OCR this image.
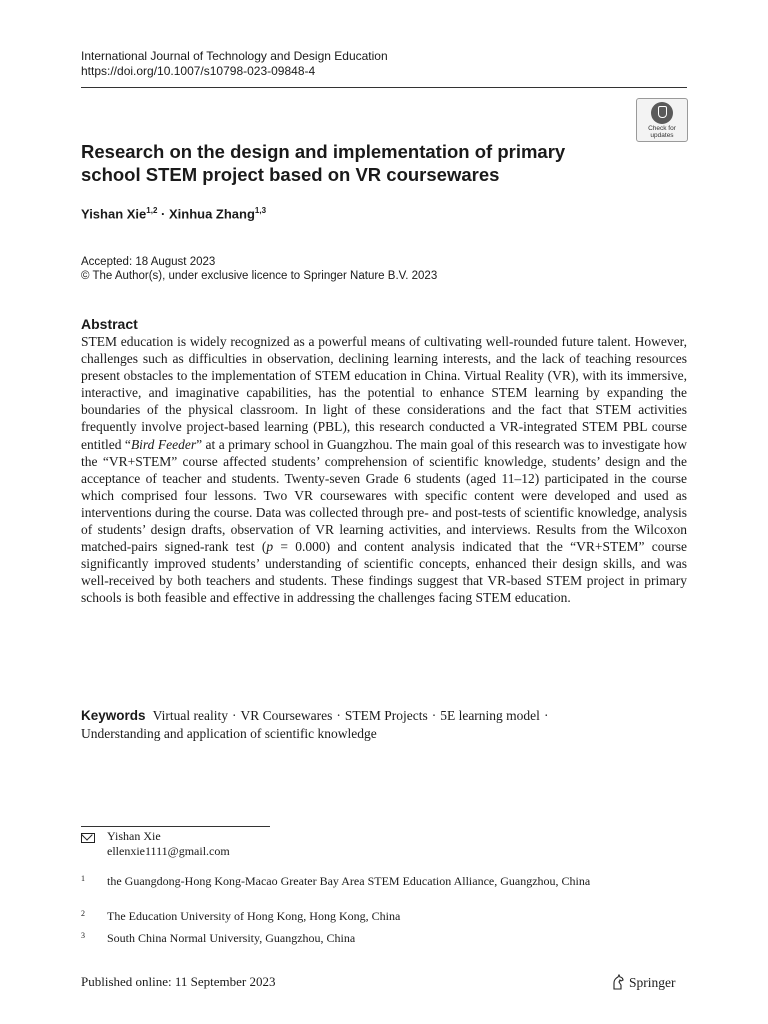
International Journal of Technology and Design Education
https://doi.org/10.1007/s10798-023-09848-4
Check for
updates
Research on the design and implementation of primary school STEM project based on VR coursewares
Yishan Xie$^{1,2}$ · Xinhua Zhang$^{1,3}$
Accepted: 18 August 2023
© The Author(s), under exclusive licence to Springer Nature B.V. 2023
Abstract

STEM education is widely recognized as a powerful means of cultivating well-rounded future talent. However, challenges such as difficulties in observation, declining learning interests, and the lack of teaching resources present obstacles to the implementation of STEM education in China. Virtual Reality (VR), with its immersive, interactive, and imaginative capabilities, has the potential to enhance STEM learning by expanding the boundaries of the physical classroom. In light of these considerations and the fact that STEM activities frequently involve project-based learning (PBL), this research conducted a VR-integrated STEM PBL course entitled “Bird Feeder” at a primary school in Guangzhou. The main goal of this research was to investigate how the “VR+STEM” course affected students’ comprehension of scientific knowledge, students’ design and the acceptance of teacher and students. Twenty-seven Grade 6 students (aged 11–12) participated in the course which comprised four lessons. Two VR coursewares with specific content were developed and used as interventions during the course. Data was collected through pre- and post-tests of scientific knowledge, analysis of students’ design drafts, observation of VR learning activities, and interviews. Results from the Wilcoxon matched-pairs signed-rank test (p = 0.000) and content analysis indicated that the “VR+STEM” course significantly improved students’ understanding of scientific concepts, enhanced their design skills, and was well-received by both teachers and students. These findings suggest that VR-based STEM project in primary schools is both feasible and effective in addressing the challenges facing STEM education.

Keywords Virtual reality · VR Coursewares · STEM Projects · 5E learning model ·
Understanding and application of scientific knowledge
Yishan Xie
ellenxie1111@gmail.com
1 the Guangdong-Hong Kong-Macao Greater Bay Area STEM Education Alliance, Guangzhou, China
2 The Education University of Hong Kong, Hong Kong, China
3 South China Normal University, Guangzhou, China
Published online: 11 September 2023	Springer
